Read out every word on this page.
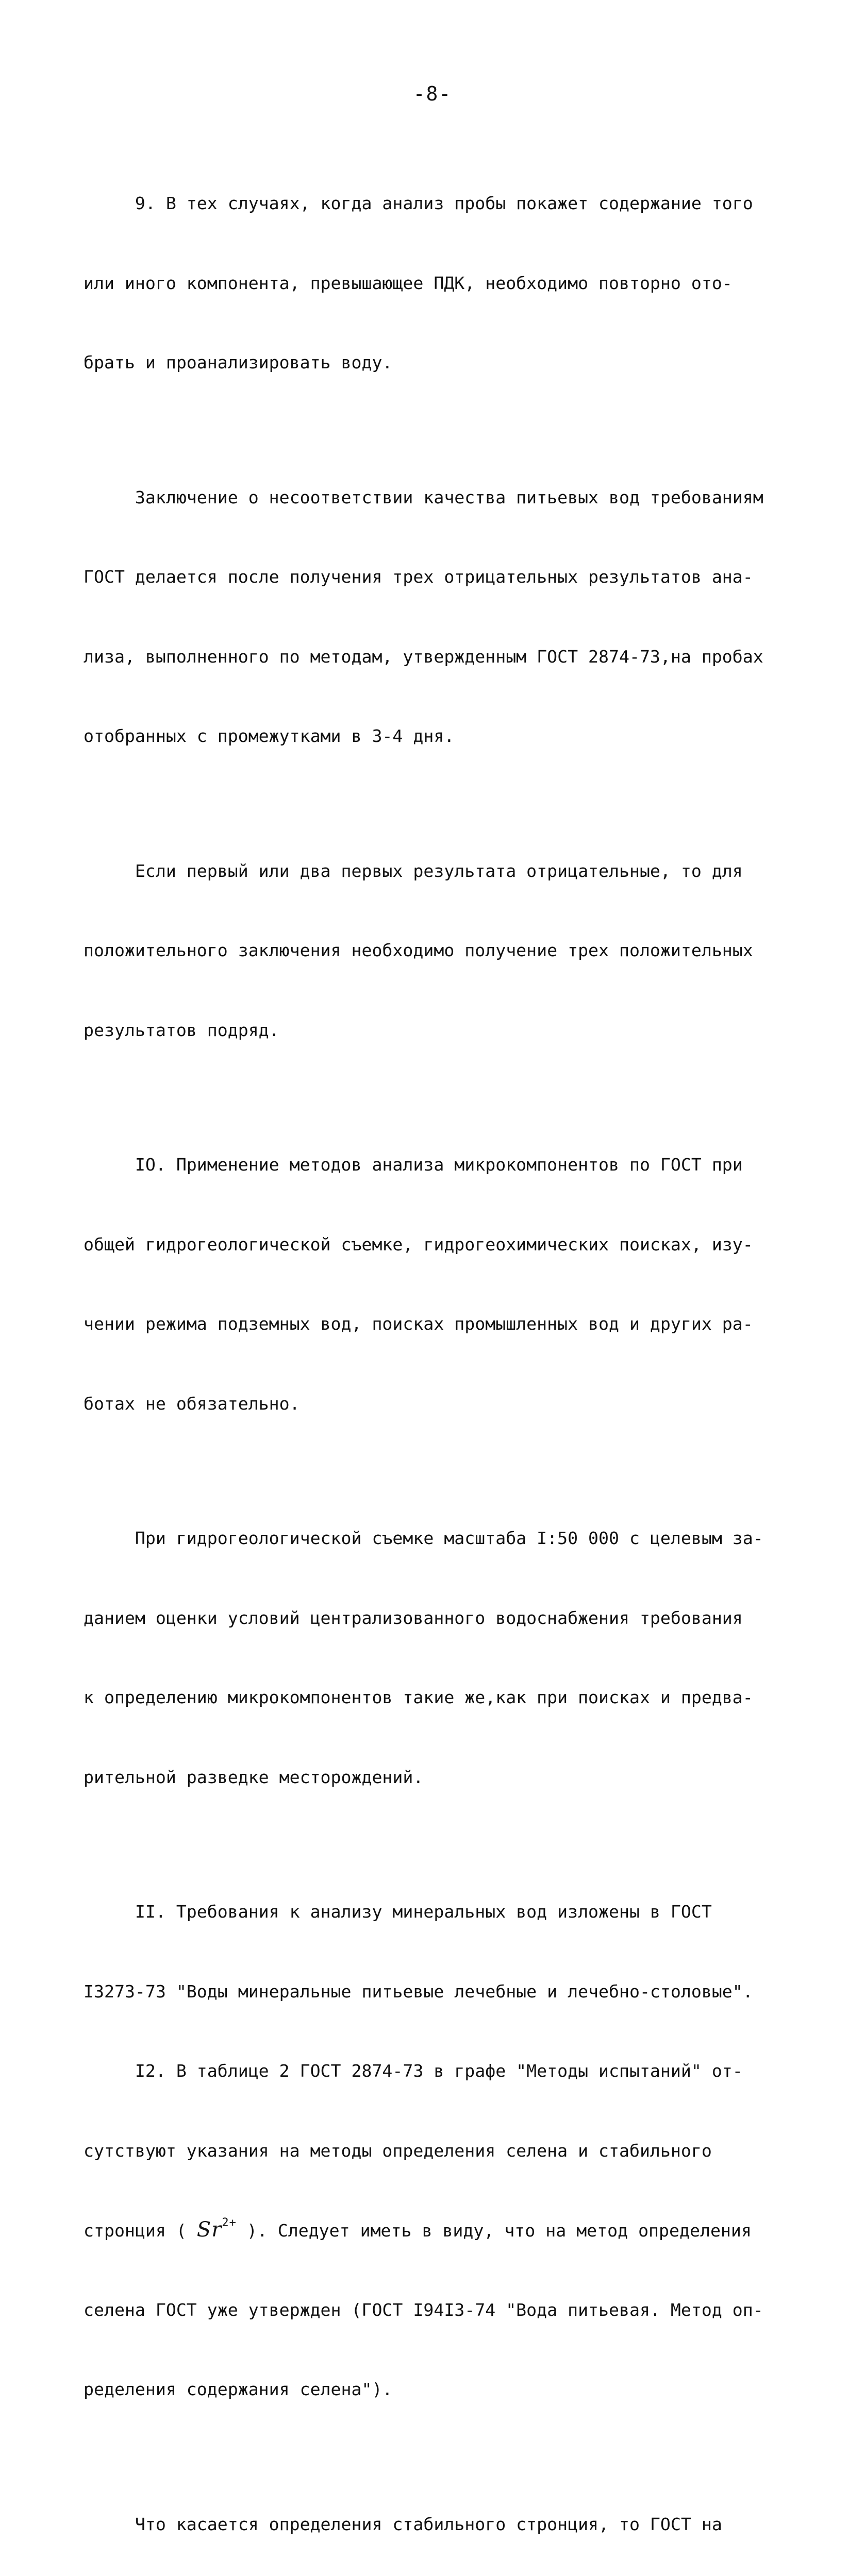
-8-

9. В тех случаях, когда анализ пробы покажет содержание того

или иного компонента, превышающее ПДК, необходимо повторно ото-

брать и проанализировать воду.

Заключение о несоответствии качества питьевых вод требованиям

ГОСТ делается после получения трех отрицательных результатов ана-

лиза, выполненного по методам, утвержденным ГОСТ 2874-73,на пробах

отобранных с промежутками в 3-4 дня.

Если первый или два первых результата отрицательные, то для

положительного заключения необходимо получение трех положительных

результатов подряд.

IO. Применение методов анализа микрокомпонентов по ГОСТ при

общей гидрогеологической съемке, гидрогеохимических поисках, изу-

чении режима подземных вод, поисках промышленных вод и других ра-

ботах не обязательно.

При гидрогеологической съемке масштаба I:50 000 с целевым за-

данием оценки условий централизованного водоснабжения требования

к определению микрокомпонентов такие же,как при поисках и предва-

рительной разведке месторождений.

II. Требования к анализу минеральных вод изложены в ГОСТ

I3273-73 "Воды минеральные питьевые лечебные и лечебно-столовые".

I2. В таблице 2 ГОСТ 2874-73 в графе "Методы испытаний" от-

сутствуют указания на методы определения селена и стабильного

стронция ( $Sr^{2+}$ ). Следует иметь в виду, что на метод определения

селена ГОСТ уже утвержден (ГОСТ I94I3-74 "Вода питьевая. Метод оп-

ределения содержания селена").

Что касается определения стабильного стронция, то ГОСТ на
